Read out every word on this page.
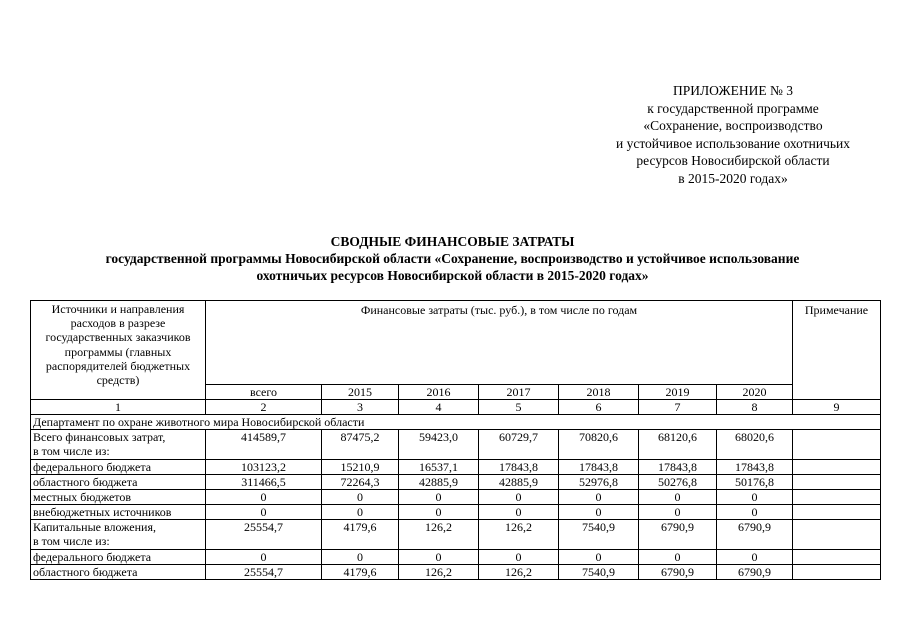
ПРИЛОЖЕНИЕ № 3
к государственной программе
«Сохранение, воспроизводство
и устойчивое использование охотничьих
ресурсов Новосибирской области
в 2015-2020 годах»
СВОДНЫЕ ФИНАНСОВЫЕ ЗАТРАТЫ
государственной программы Новосибирской области «Сохранение, воспроизводство и устойчивое использование
охотничьих ресурсов Новосибирской области в 2015-2020 годах»
Источники и направления расходов в разрезе государственных заказчиков программы (главных распорядителей бюджетных средств)	Финансовые затраты (тыс. руб.), в том числе по годам							Примечание
	всего	2015	2016	2017	2018	2019	2020	
1	2	3	4	5	6	7	8	9
Департамент по охране животного мира Новосибирской области								

Всего финансовых затрат,
в том числе из:	414589,7	87475,2	59423,0	60729,7	70820,6	68120,6	68020,6	

федерального бюджета	103123,2	15210,9	16537,1	17843,8	17843,8	17843,8	17843,8	

областного бюджета	311466,5	72264,3	42885,9	42885,9	52976,8	50276,8	50176,8	

местных бюджетов	0	0	0	0	0	0	0	

внебюджетных источников	0	0	0	0	0	0	0	

Капитальные вложения,
в том числе из:	25554,7	4179,6	126,2	126,2	7540,9	6790,9	6790,9	

федерального бюджета	0	0	0	0	0	0	0	

областного бюджета	25554,7	4179,6	126,2	126,2	7540,9	6790,9	6790,9	
